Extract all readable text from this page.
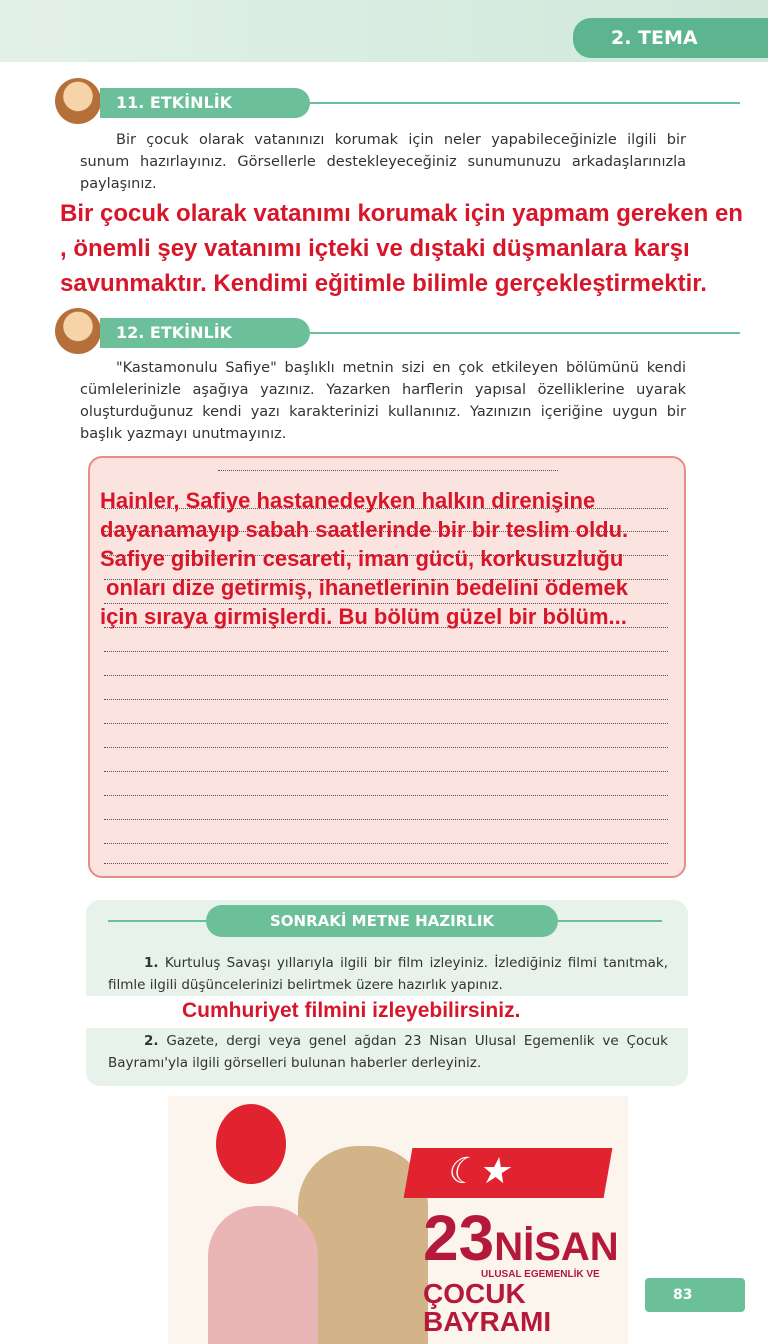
2. TEMA
11. ETKİNLİK
Bir çocuk olarak vatanınızı korumak için neler yapabileceğinizle ilgili bir sunum hazırlayınız. Görsellerle destekleyeceğiniz sunumunuzu arkadaşlarınızla paylaşınız.
Bir çocuk olarak vatanımı korumak için yapmam gereken en
, önemli şey vatanımı içteki ve dıştaki düşmanlara karşı
savunmaktır. Kendimi eğitimle bilimle gerçekleştirmektir.
12. ETKİNLİK
"Kastamonulu Safiye" başlıklı metnin sizi en çok etkileyen bölümünü kendi cümlelerinizle aşağıya yazınız. Yazarken harflerin yapısal özelliklerine uyarak oluşturduğunuz kendi yazı karakterinizi kullanınız. Yazınızın içeriğine uygun bir başlık yazmayı unutmayınız.
Hainler, Safiye hastanedeyken halkın direnişine
dayanamayıp sabah saatlerinde bir bir teslim oldu.
Safiye gibilerin cesareti, iman gücü, korkusuzluğu
onları dize getirmiş, ihanetlerinin bedelini ödemek
için sıraya girmişlerdi. Bu bölüm güzel bir bölüm...
SONRAKİ METNE HAZIRLIK
1. Kurtuluş Savaşı yıllarıyla ilgili bir film izleyiniz. İzlediğiniz filmi tanıtmak, filmle ilgili düşüncelerinizi belirtmek üzere hazırlık yapınız.
Cumhuriyet filmini izleyebilirsiniz.
2. Gazete, dergi veya genel ağdan 23 Nisan Ulusal Egemenlik ve Çocuk Bayramı'yla ilgili görselleri bulunan haberler derleyiniz.
☾★
23NİSAN
ULUSAL EGEMENLİK VE
ÇOCUK BAYRAMI
83
